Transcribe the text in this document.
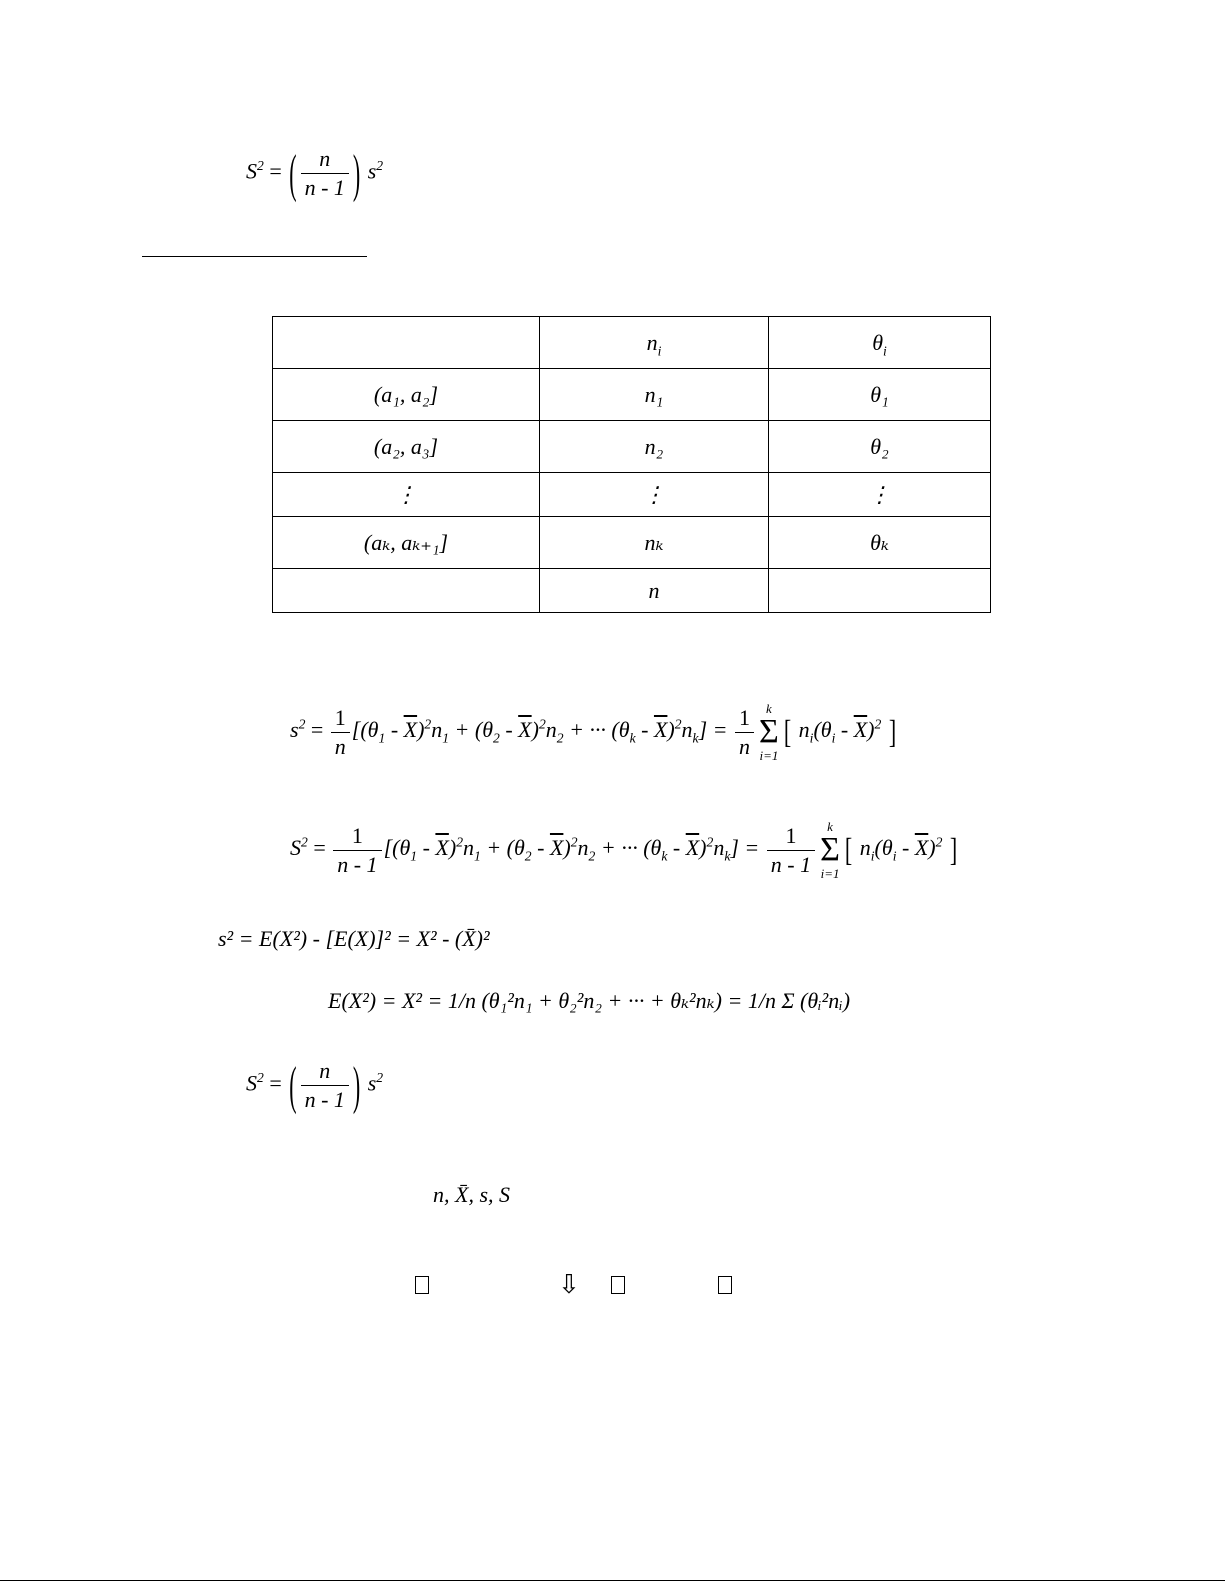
$S^2$ = ( $\frac{n}{n - 1}$ ) $s^2$
	$n_i$	$\theta_i$
(a₁, a₂]	n₁	θ₁
(a₂, a₃]	n₂	θ₂
⋮	⋮	⋮
(aₖ, aₖ₊₁]	nₖ	θₖ
	n	
$s^2 = \frac{1}{n} [(\theta_1 - \overline{X})^2n_1 + (\theta_2 - \overline{X})^2n_2$ + ··· $(\theta_k - \overline{X})^2n_k] = \frac{1}{n}$ k
Σ
i=1
[ $n_i(\theta_i - \overline{X})^2$ ]
$S^2 = \frac{1}{n - 1} [(\theta_1 - \overline{X})^2n_1 + (\theta_2 - \overline{X})^2n_2$ + ··· $(\theta_k - \overline{X})^2n_k] = \frac{1}{n - 1}$ k
Σ
i=1
[ $n_i(\theta_i - \overline{X})^2$ ]
s² = E(X²) - [E(X)]² = X² - (X̄)²
E(X²) = X² = 1/n (θ₁²n₁ + θ₂²n₂ + ··· + θₖ²nₖ) = 1/n Σ (θᵢ²nᵢ)
$S^2$ = ( $\frac{n}{n - 1}$ ) $s^2$
n, X̄, s, S
⇩
